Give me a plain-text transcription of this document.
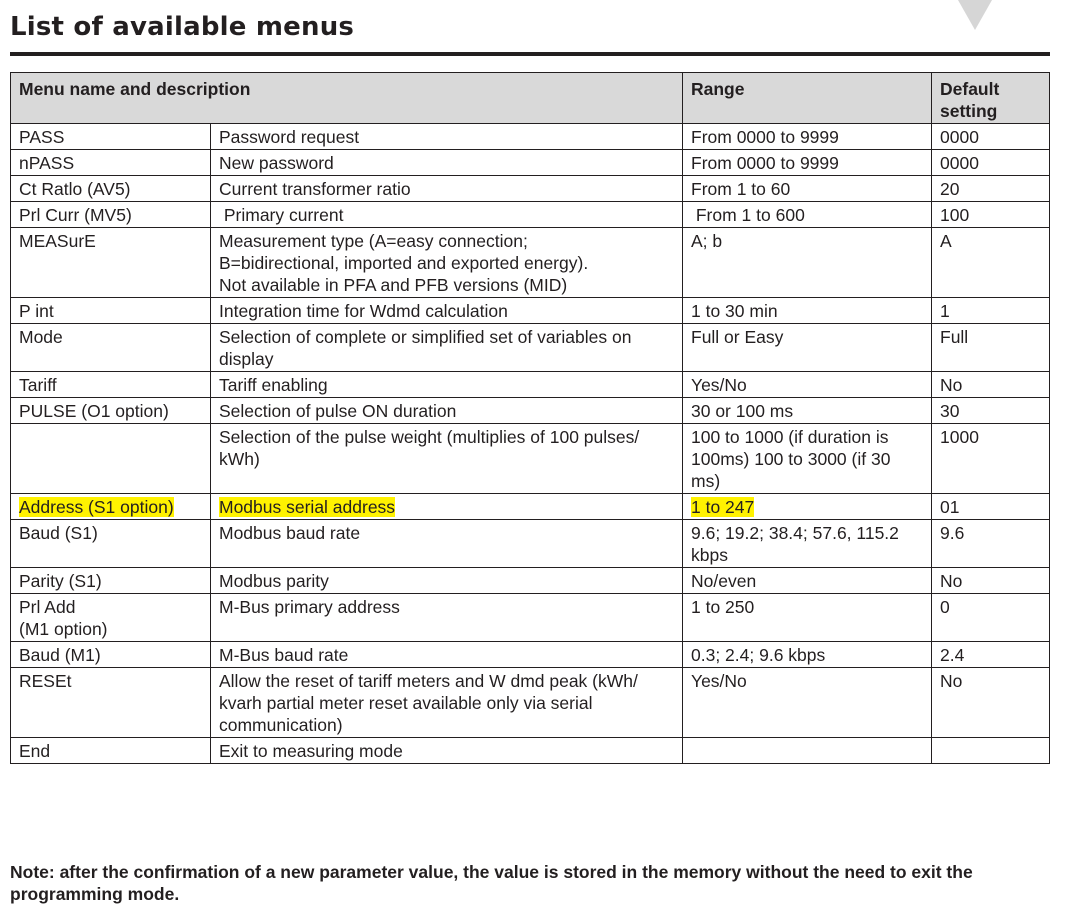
List of available menus
Menu name and description		Range	Default setting
PASS	Password request	From 0000 to 9999	0000
nPASS	New password	From 0000 to 9999	0000
Ct Ratlo (AV5)	Current transformer ratio	From 1 to 60	20
Prl Curr (MV5)	Primary current	From 1 to 600	100
MEASurE	Measurement type (A=easy connection;
B=bidirectional, imported and exported energy).
Not available in PFA and PFB versions (MID)	A; b	A
P int	Integration time for Wdmd calculation	1 to 30 min	1
Mode	Selection of complete or simplified set of variables on display	Full or Easy	Full
Tariff	Tariff enabling	Yes/No	No
PULSE (O1 option)	Selection of pulse ON duration	30 or 100 ms	30
	Selection of the pulse weight (multiplies of 100 pulses/ kWh)	100 to 1000 (if duration is 100ms) 100 to 3000 (if 30 ms)	1000
Address (S1 option)	Modbus serial address	1 to 247	01
Baud (S1)	Modbus baud rate	9.6; 19.2; 38.4; 57.6, 115.2 kbps	9.6
Parity (S1)	Modbus parity	No/even	No
Prl Add
(M1 option)	M-Bus primary address	1 to 250	0
Baud (M1)	M-Bus baud rate	0.3; 2.4; 9.6 kbps	2.4
RESEt	Allow the reset of tariff meters and W dmd peak (kWh/ kvarh partial meter reset available only via serial communication)	Yes/No	No
End	Exit to measuring mode		

Note: after the confirmation of a new parameter value, the value is stored in the memory without the need to exit the programming mode.
